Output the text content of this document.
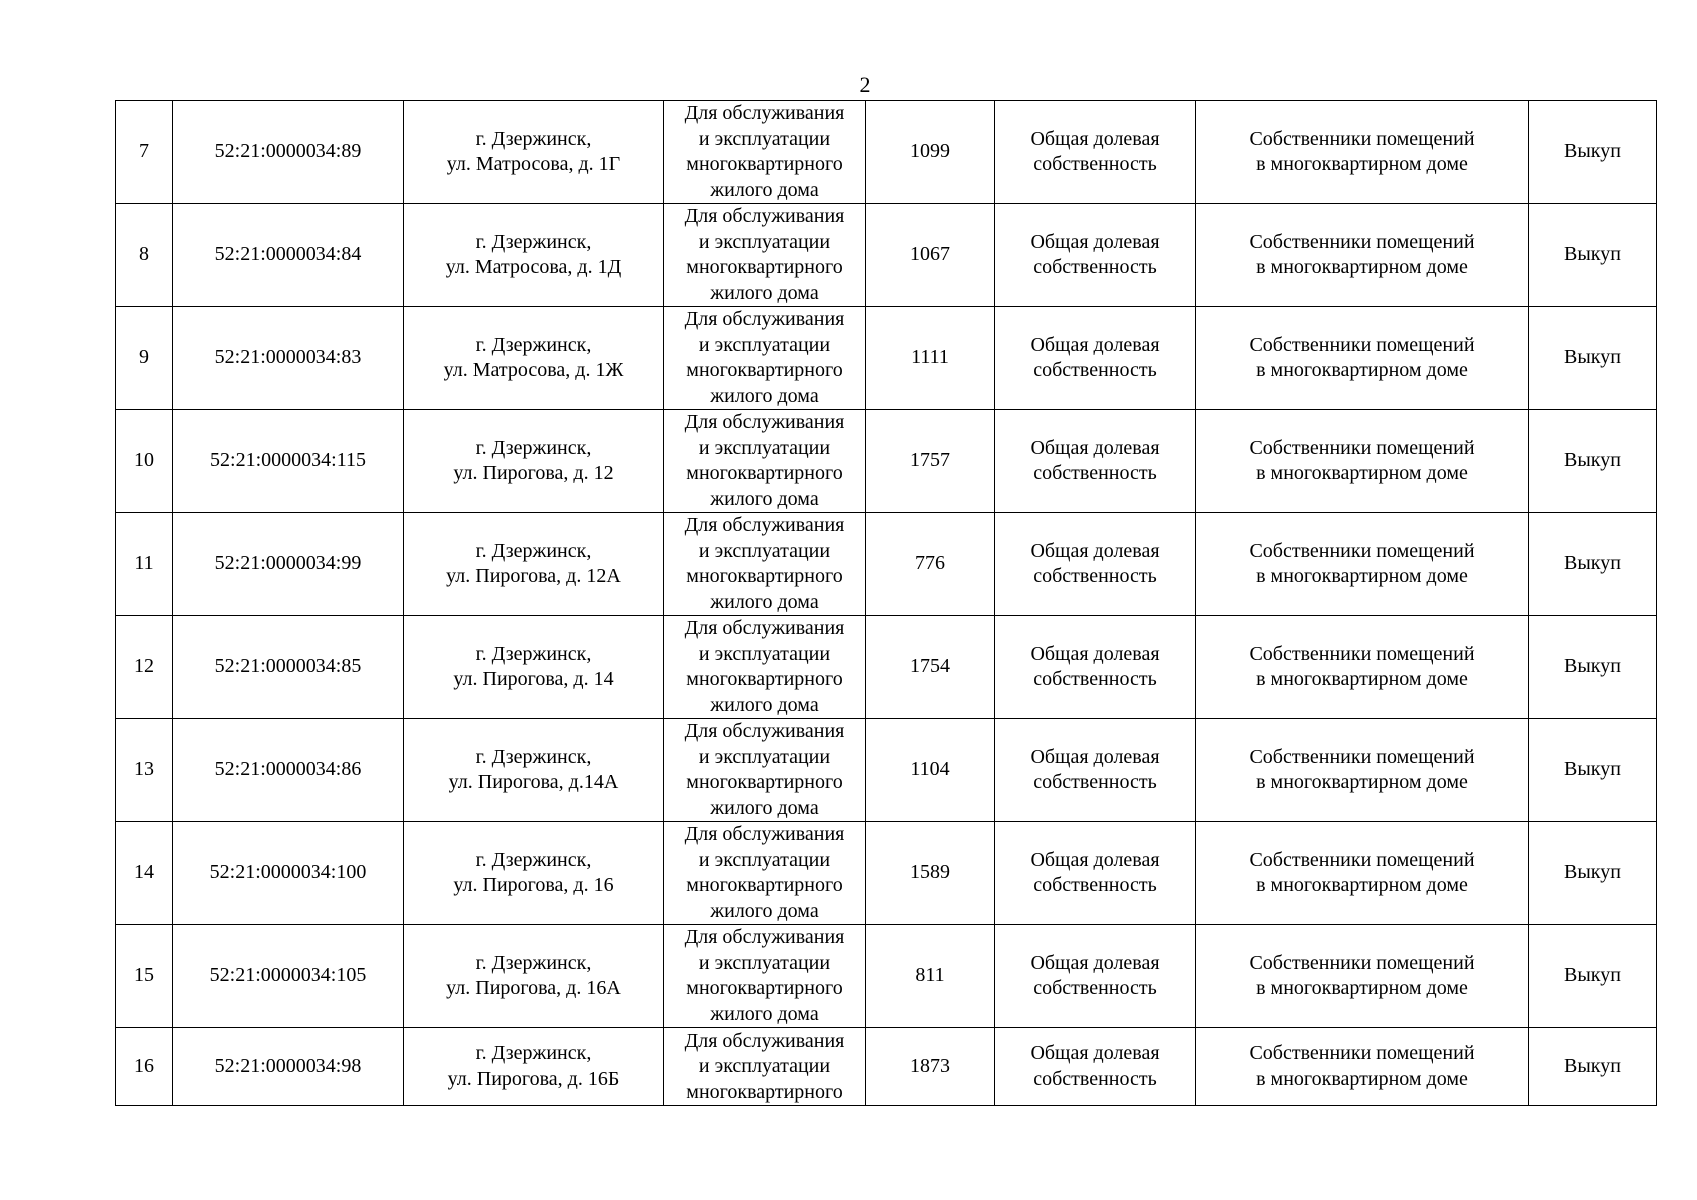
2
7	52:21:0000034:89	г. Дзержинск,
ул. Матросова, д. 1Г	Для обслуживания
и эксплуатации
многоквартирного
жилого дома	1099	Общая долевая
собственность	Собственники помещений
в многоквартирном доме	Выкуп

8	52:21:0000034:84	г. Дзержинск,
ул. Матросова, д. 1Д	Для обслуживания
и эксплуатации
многоквартирного
жилого дома	1067	Общая долевая
собственность	Собственники помещений
в многоквартирном доме	Выкуп

9	52:21:0000034:83	г. Дзержинск,
ул. Матросова, д. 1Ж	Для обслуживания
и эксплуатации
многоквартирного
жилого дома	1111	Общая долевая
собственность	Собственники помещений
в многоквартирном доме	Выкуп

10	52:21:0000034:115	г. Дзержинск,
ул. Пирогова, д. 12	Для обслуживания
и эксплуатации
многоквартирного
жилого дома	1757	Общая долевая
собственность	Собственники помещений
в многоквартирном доме	Выкуп

11	52:21:0000034:99	г. Дзержинск,
ул. Пирогова, д. 12А	Для обслуживания
и эксплуатации
многоквартирного
жилого дома	776	Общая долевая
собственность	Собственники помещений
в многоквартирном доме	Выкуп

12	52:21:0000034:85	г. Дзержинск,
ул. Пирогова, д. 14	Для обслуживания
и эксплуатации
многоквартирного
жилого дома	1754	Общая долевая
собственность	Собственники помещений
в многоквартирном доме	Выкуп

13	52:21:0000034:86	г. Дзержинск,
ул. Пирогова, д.14А	Для обслуживания
и эксплуатации
многоквартирного
жилого дома	1104	Общая долевая
собственность	Собственники помещений
в многоквартирном доме	Выкуп

14	52:21:0000034:100	г. Дзержинск,
ул. Пирогова, д. 16	Для обслуживания
и эксплуатации
многоквартирного
жилого дома	1589	Общая долевая
собственность	Собственники помещений
в многоквартирном доме	Выкуп

15	52:21:0000034:105	г. Дзержинск,
ул. Пирогова, д. 16А	Для обслуживания
и эксплуатации
многоквартирного
жилого дома	811	Общая долевая
собственность	Собственники помещений
в многоквартирном доме	Выкуп

16	52:21:0000034:98	г. Дзержинск,
ул. Пирогова, д. 16Б	Для обслуживания
и эксплуатации
многоквартирного	1873	Общая долевая
собственность	Собственники помещений
в многоквартирном доме	Выкуп
